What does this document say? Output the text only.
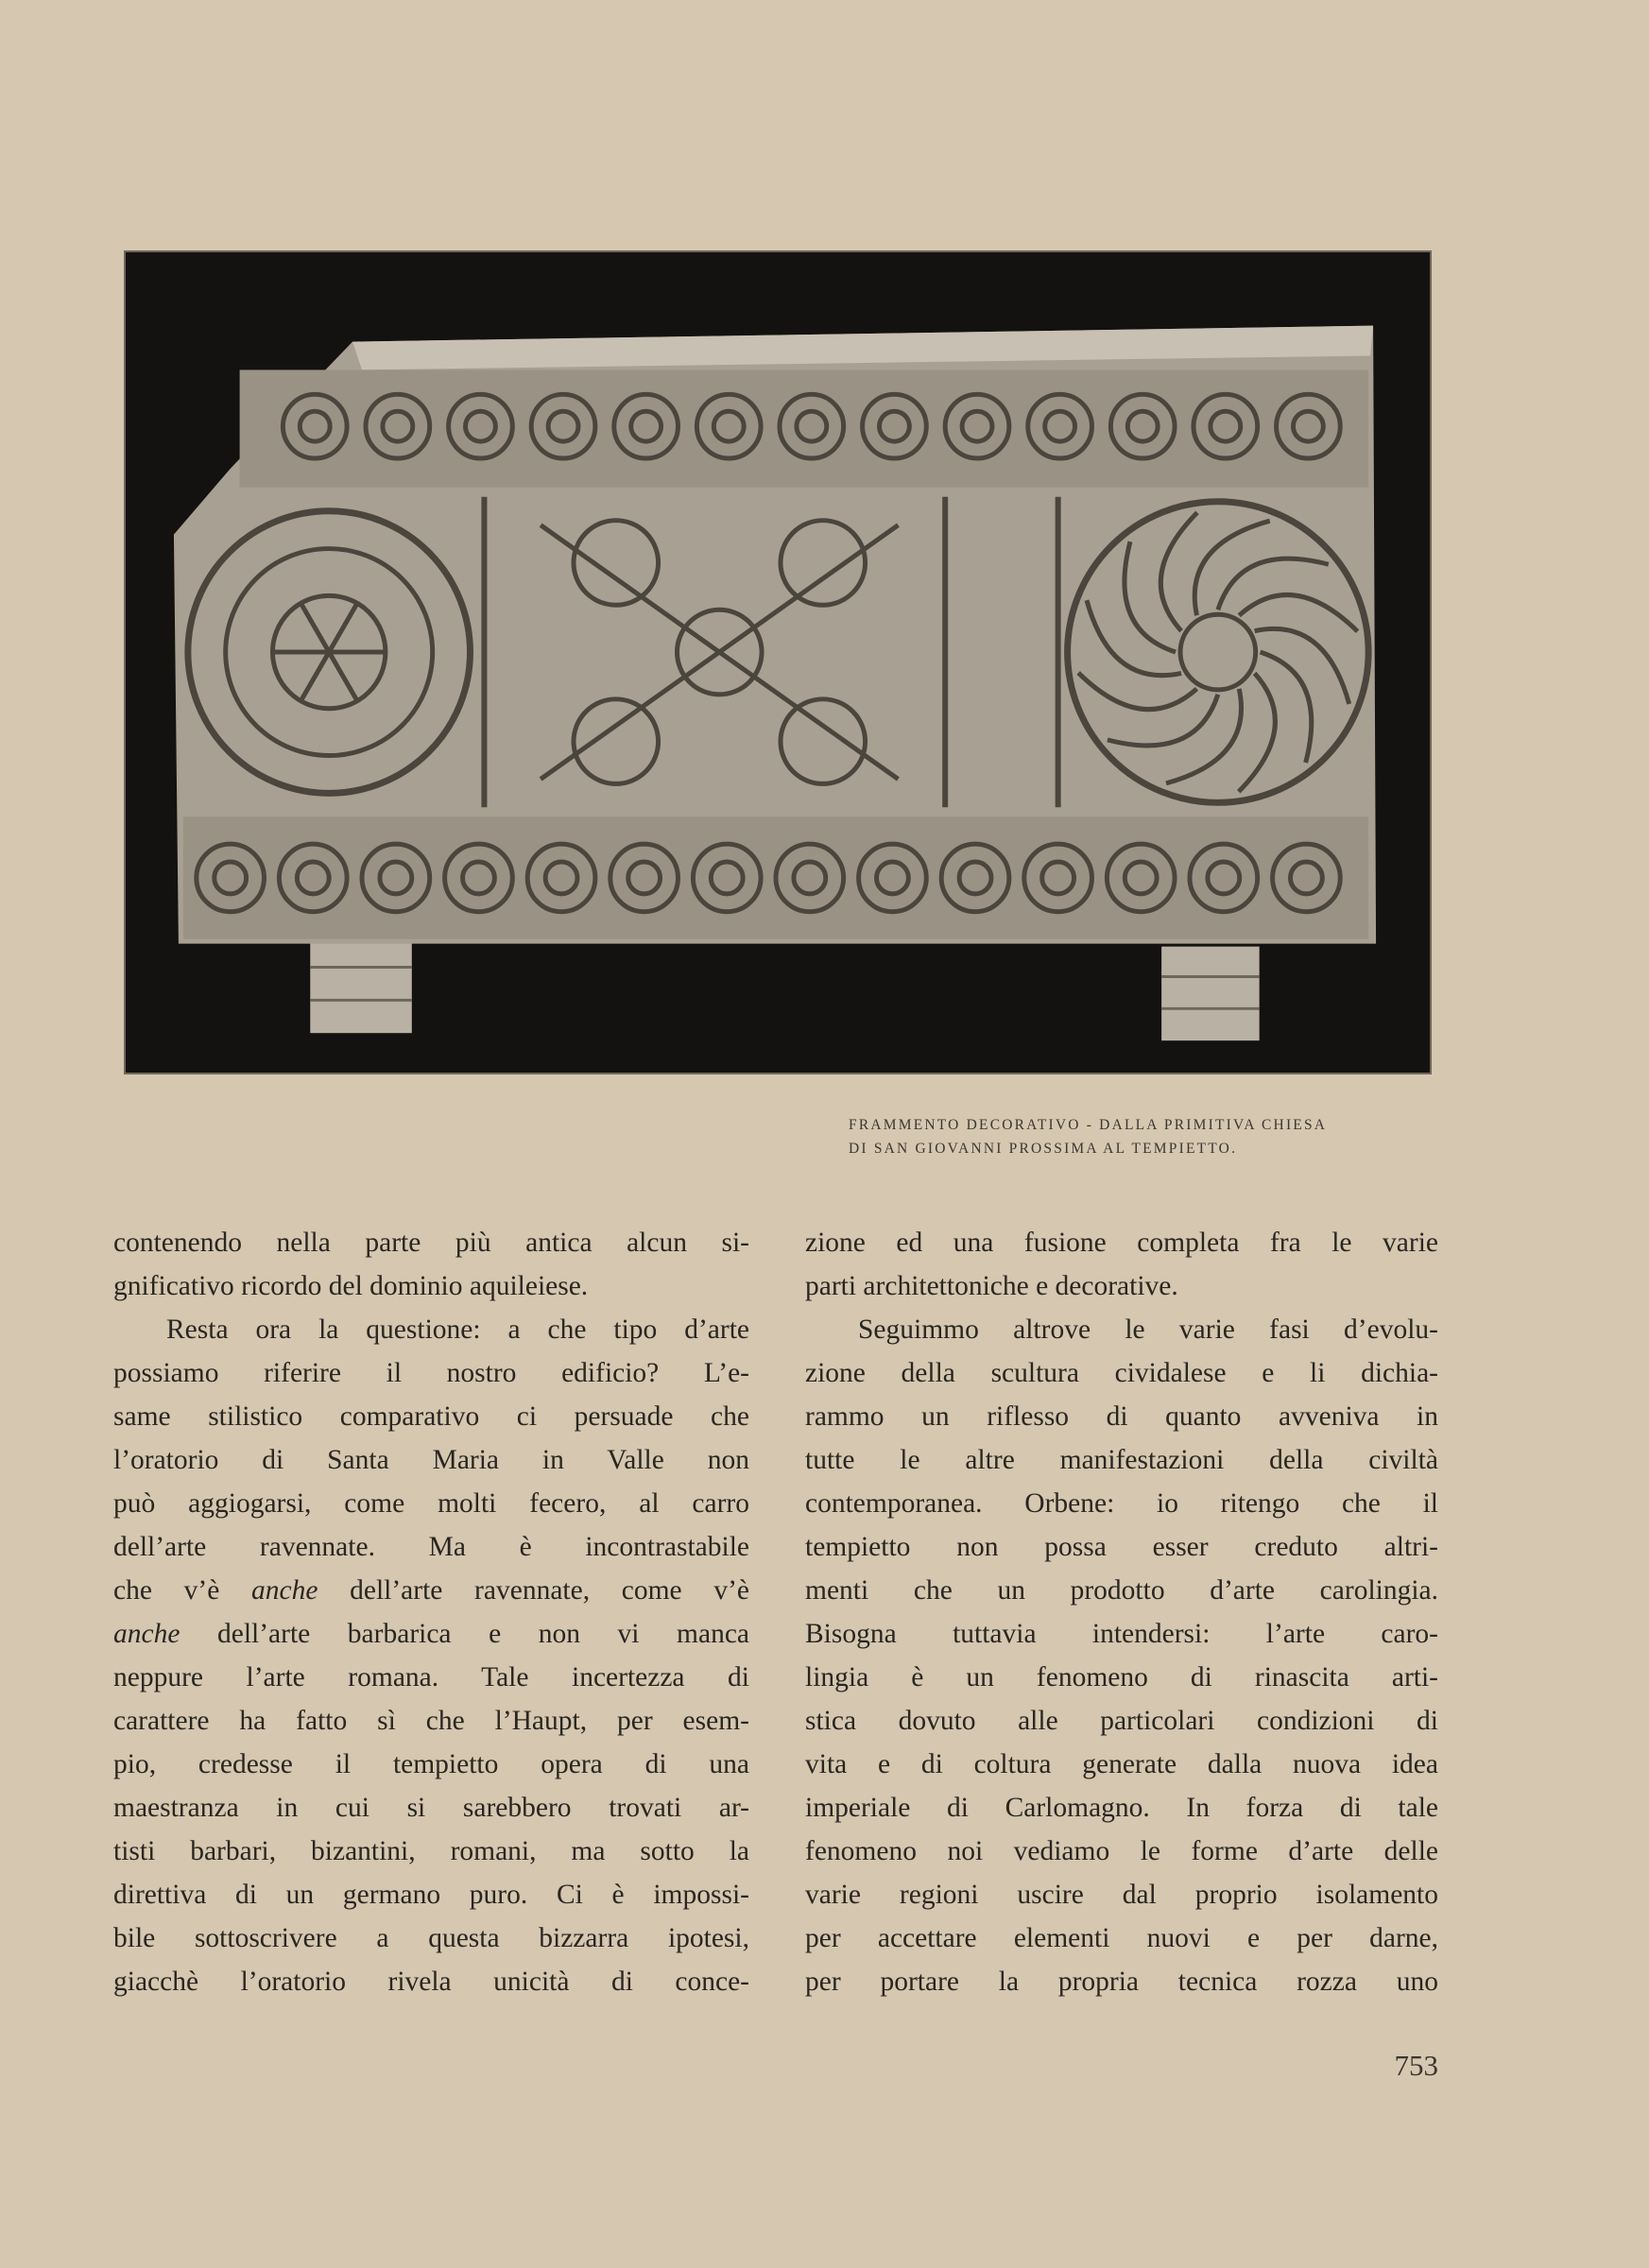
FRAMMENTO DECORATIVO - DALLA PRIMITIVA CHIESA
DI SAN GIOVANNI PROSSIMA AL TEMPIETTO.
contenendo nella parte più antica alcun si-
gnificativo ricordo del dominio aquileiese.
Resta ora la questione: a che tipo d’arte
possiamo riferire il nostro edificio? L’e-
same stilistico comparativo ci persuade che
l’oratorio di Santa Maria in Valle non
può aggiogarsi, come molti fecero, al carro
dell’arte ravennate. Ma è incontrastabile
che v’è anche dell’arte ravennate, come v’è
anche dell’arte barbarica e non vi manca
neppure l’arte romana. Tale incertezza di
carattere ha fatto sì che l’Haupt, per esem-
pio, credesse il tempietto opera di una
maestranza in cui si sarebbero trovati ar-
tisti barbari, bizantini, romani, ma sotto la
direttiva di un germano puro. Ci è impossi-
bile sottoscrivere a questa bizzarra ipotesi,
giacchè l’oratorio rivela unicità di conce-
zione ed una fusione completa fra le varie
parti architettoniche e decorative.
Seguimmo altrove le varie fasi d’evolu-
zione della scultura cividalese e li dichia-
rammo un riflesso di quanto avveniva in
tutte le altre manifestazioni della civiltà
contemporanea. Orbene: io ritengo che il
tempietto non possa esser creduto altri-
menti che un prodotto d’arte carolingia.
Bisogna tuttavia intendersi: l’arte caro-
lingia è un fenomeno di rinascita arti-
stica dovuto alle particolari condizioni di
vita e di coltura generate dalla nuova idea
imperiale di Carlomagno. In forza di tale
fenomeno noi vediamo le forme d’arte delle
varie regioni uscire dal proprio isolamento
per accettare elementi nuovi e per darne,
per portare la propria tecnica rozza uno
753
